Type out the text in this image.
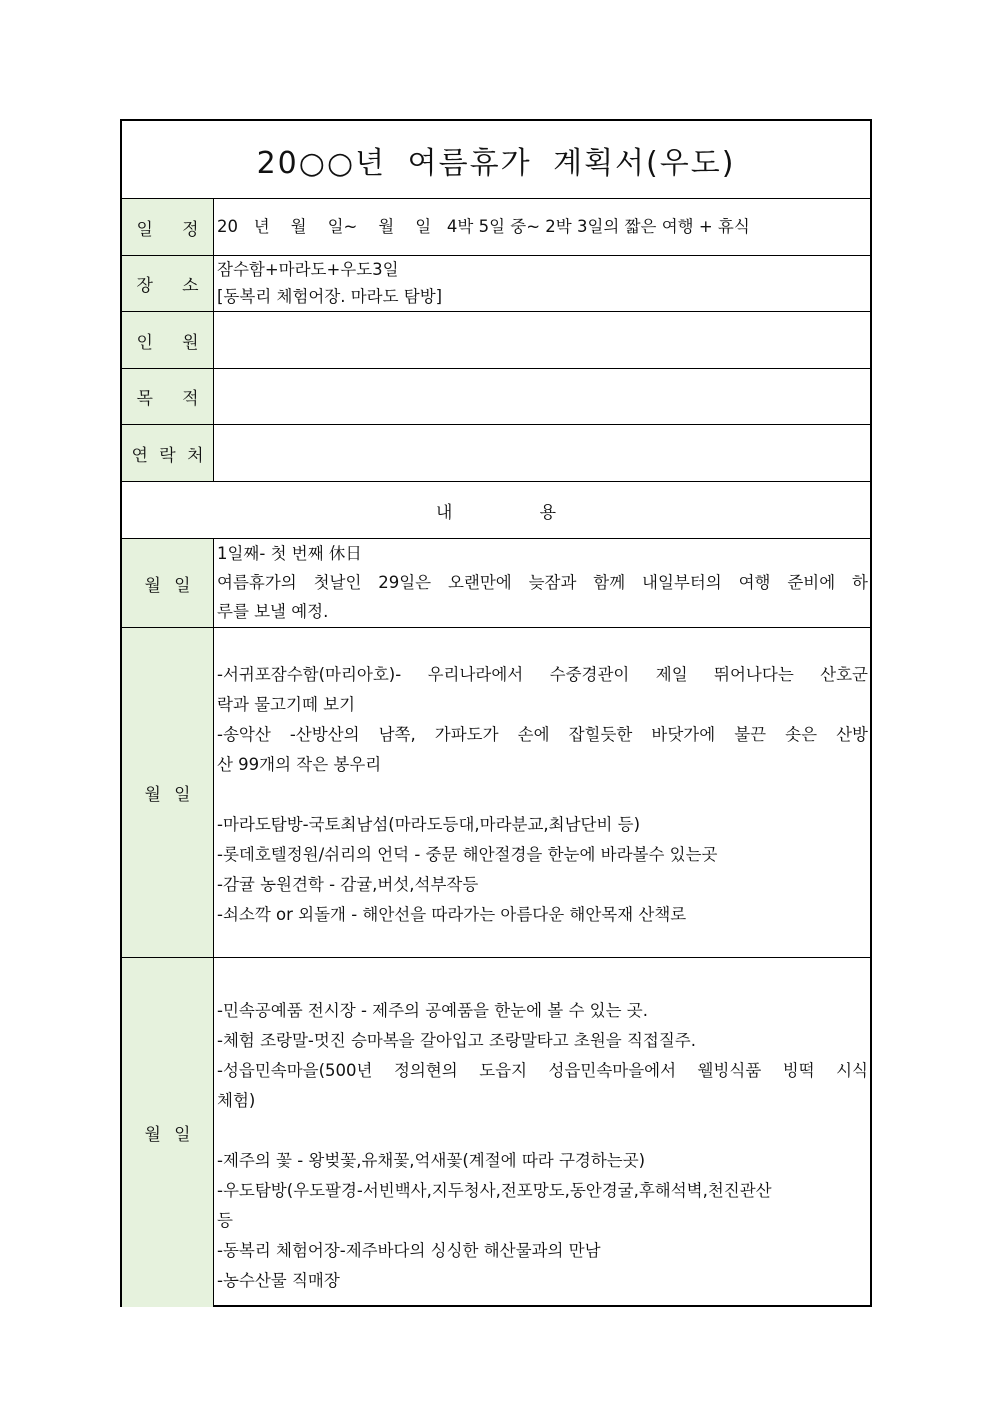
20○○년 여름휴가 계획서(우도)
일 정 20   년    월    일~    월    일   4박 5일 중~ 2박 3일의 짧은 여행 + 휴식
장 소
잠수함+마라도+우도3일
[동복리 체험어장. 마라도 탐방]
인 원
목 적
연 락 처
내	용
월 일
1일째- 첫 번째 休日
여름휴가의 첫날인 29일은 오랜만에 늦잠과 함께 내일부터의 여행 준비에 하
루를 보낼 예정.
월 일
-서귀포잠수함(마리아호)- 우리나라에서 수중경관이 제일 뛰어나다는 산호군
락과 물고기떼 보기
-송악산 -산방산의 남쪽, 가파도가 손에 잡힐듯한 바닷가에 불끈 솟은 산방
산 99개의 작은 봉우리
-마라도탐방-국토최남섬(마라도등대,마라분교,최남단비 등)
-롯데호텔정원/쉬리의 언덕 - 중문 해안절경을 한눈에 바라볼수 있는곳
-감귤 농원견학 - 감귤,버섯,석부작등
-쇠소깍 or 외돌개 - 해안선을 따라가는 아름다운 해안목재 산책로
월 일
-민속공예품 전시장 - 제주의 공예품을 한눈에 볼 수 있는 곳.
-체험 조랑말-멋진 승마복을 갈아입고 조랑말타고 초원을 직접질주.
-성읍민속마을(500년 정의현의 도읍지 성읍민속마을에서 웰빙식품 빙떡 시식
체험)
-제주의 꽃 - 왕벚꽃,유채꽃,억새꽃(계절에 따라 구경하는곳)
-우도탐방(우도팔경-서빈백사,지두청사,전포망도,동안경굴,후해석벽,천진관산
등
-동복리 체험어장-제주바다의 싱싱한 해산물과의 만남
-농수산물 직매장
